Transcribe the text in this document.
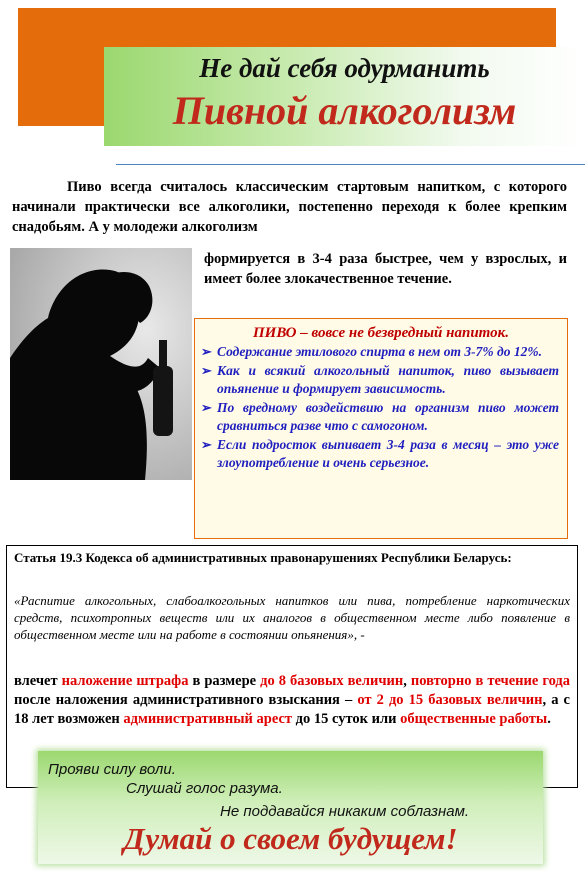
Не дай себя одурманить
Пивной алкоголизм
Пиво всегда считалось классическим стартовым напитком, с которого начинали практически все алкоголики, постепенно переходя к более крепким снадобьям. А у молодежи алкоголизм
формируется в 3-4 раза быстрее, чем у взрослых, и имеет более злокачественное течение.
ПИВО – вовсе не безвредный напиток.
➢ Содержание этилового спирта в нем от 3-7% до 12%.
➢ Как и всякий алкогольный напиток, пиво вызывает опьянение и формирует зависимость.
➢ По вредному воздействию на организм пиво может сравниться разве что с самогоном.
➢ Если подросток выпивает 3-4 раза в месяц – это уже злоупотребление и очень серьезное.
Статья 19.3 Кодекса об административных правонарушениях Республики Беларусь:
«Распитие алкогольных, слабоалкогольных напитков или пива, потребление наркотических средств, психотропных веществ или их аналогов в общественном месте либо появление в общественном месте или на работе в состоянии опьянения», -
влечет наложение штрафа в размере до 8 базовых величин, повторно в течение года после наложения административного взыскания – от 2 до 15 базовых величин, а с 18 лет возможен административный арест до 15 суток или общественные работы.
Прояви силу воли.
Слушай голос разума.
Не поддавайся никаким соблазнам.
Думай о своем будущем!
